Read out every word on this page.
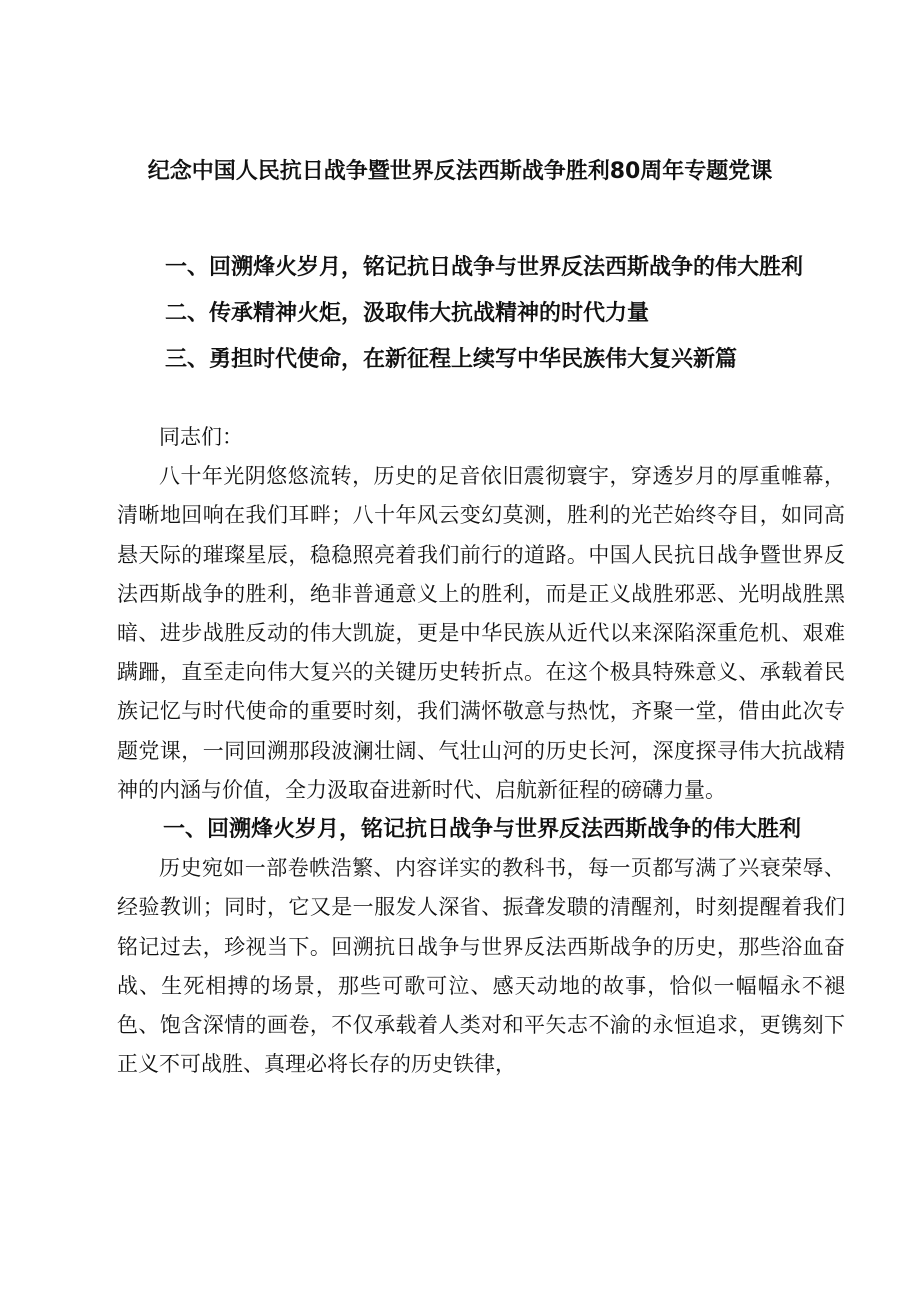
纪念中国人民抗日战争暨世界反法西斯战争胜利80周年专题党课
一、回溯烽火岁月，铭记抗日战争与世界反法西斯战争的伟大胜利
二、传承精神火炬，汲取伟大抗战精神的时代力量
三、勇担时代使命，在新征程上续写中华民族伟大复兴新篇

同志们：

八十年光阴悠悠流转，历史的足音依旧震彻寰宇，穿透岁月的厚重帷幕，清晰地回响在我们耳畔；八十年风云变幻莫测，胜利的光芒始终夺目，如同高悬天际的璀璨星辰，稳稳照亮着我们前行的道路。中国人民抗日战争暨世界反法西斯战争的胜利，绝非普通意义上的胜利，而是正义战胜邪恶、光明战胜黑暗、进步战胜反动的伟大凯旋，更是中华民族从近代以来深陷深重危机、艰难蹒跚，直至走向伟大复兴的关键历史转折点。在这个极具特殊意义、承载着民族记忆与时代使命的重要时刻，我们满怀敬意与热忱，齐聚一堂，借由此次专题党课，一同回溯那段波澜壮阔、气壮山河的历史长河，深度探寻伟大抗战精神的内涵与价值，全力汲取奋进新时代、启航新征程的磅礴力量。

一、回溯烽火岁月，铭记抗日战争与世界反法西斯战争的伟大胜利

历史宛如一部卷帙浩繁、内容详实的教科书，每一页都写满了兴衰荣辱、经验教训；同时，它又是一服发人深省、振聋发聩的清醒剂，时刻提醒着我们铭记过去，珍视当下。回溯抗日战争与世界反法西斯战争的历史，那些浴血奋战、生死相搏的场景，那些可歌可泣、感天动地的故事，恰似一幅幅永不褪色、饱含深情的画卷，不仅承载着人类对和平矢志不渝的永恒追求，更镌刻下正义不可战胜、真理必将长存的历史铁律，
